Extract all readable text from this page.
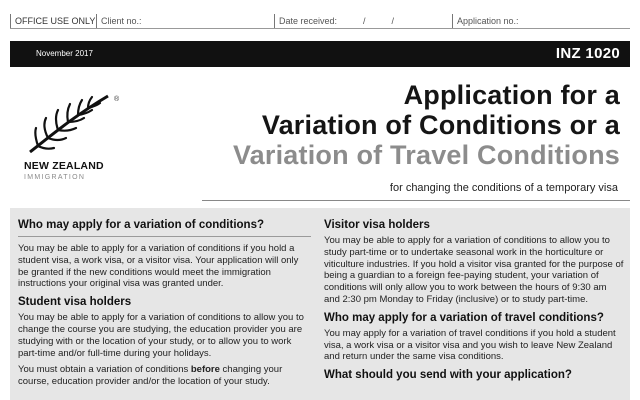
OFFICE USE ONLY Client no.:	Date received:	/	/	Application no.:
November 2017	INZ 1020
®
NEW ZEALAND
IMMIGRATION
Application for a
Variation of Conditions or a
Variation of Travel Conditions
for changing the conditions of a temporary visa
Who may apply for a variation of conditions?

You may be able to apply for a variation of conditions if you hold a student visa, a work visa, or a visitor visa. Your application will only be granted if the new conditions would meet the immigration instructions your original visa was granted under.

Student visa holders

You may be able to apply for a variation of conditions to allow you to change the course you are studying, the education provider you are studying with or the location of your study, or to allow you to work part-time and/or full-time during your holidays.

You must obtain a variation of conditions before changing your course, education provider and/or the location of your study.

Visitor visa holders

You may be able to apply for a variation of conditions to allow you to study part-time or to undertake seasonal work in the horticulture or viticulture industries. If you hold a visitor visa granted for the purpose of being a guardian to a foreign fee-paying student, your variation of conditions will only allow you to work between the hours of 9:30 am and 2:30 pm Monday to Friday (inclusive) or to study part-time.

Who may apply for a variation of travel conditions?

You may apply for a variation of travel conditions if you hold a student visa, a work visa or a visitor visa and you wish to leave New Zealand and return under the same visa conditions.

What should you send with your application?
